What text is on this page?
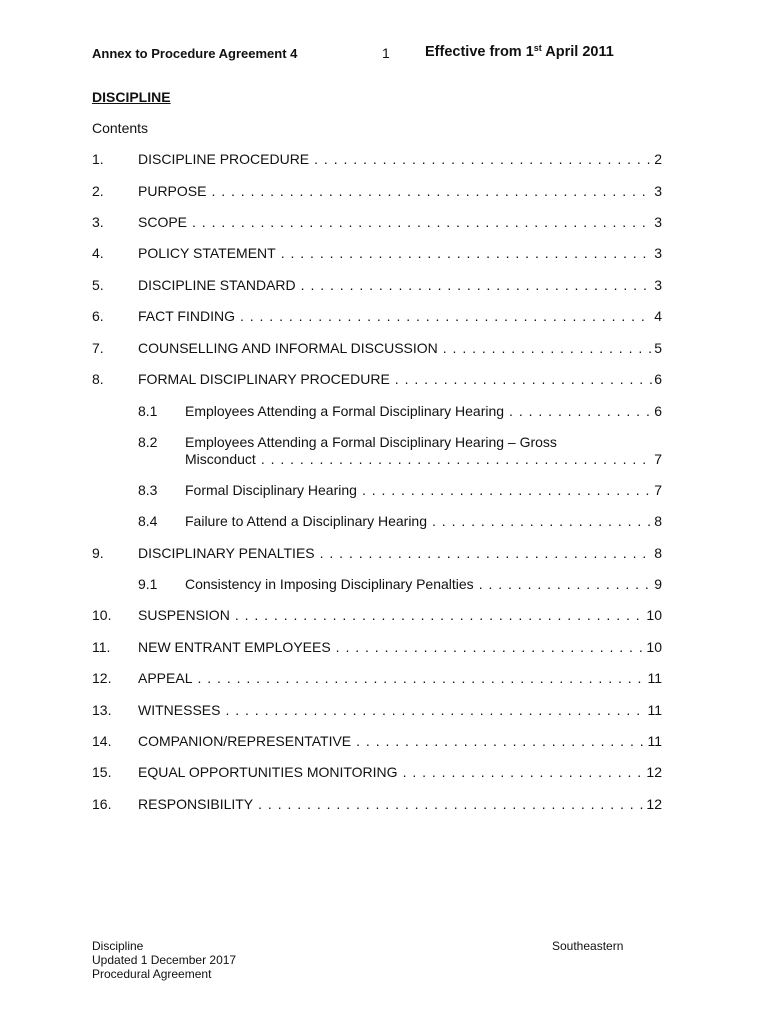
Annex to Procedure Agreement 4	1 Effective from 1st April 2011
DISCIPLINE
Contents
1. DISCIPLINE PROCEDURE . . .	2
2. PURPOSE . . .	3
3. SCOPE . . .	3
4. POLICY STATEMENT . . .	3
5. DISCIPLINE STANDARD . . .	3
6. FACT FINDING . . .	4
7. COUNSELLING AND INFORMAL DISCUSSION . . .	5
8. FORMAL DISCIPLINARY PROCEDURE . . .	6
8.1 Employees Attending a Formal Disciplinary Hearing . . .	6
8.2 Employees Attending a Formal Disciplinary Hearing – Gross
Misconduct . . .	7
8.3 Formal Disciplinary Hearing . . .	7
8.4 Failure to Attend a Disciplinary Hearing . . .	8
9. DISCIPLINARY PENALTIES . . .	8
9.1 Consistency in Imposing Disciplinary Penalties . . .	9
10. SUSPENSION . . .	10
11. NEW ENTRANT EMPLOYEES . . .	10
12. APPEAL . . .	11
13. WITNESSES . . .	11
14. COMPANION/REPRESENTATIVE . . .	11
15. EQUAL OPPORTUNITIES MONITORING . . .	12
16. RESPONSIBILITY . . .	12
Discipline
Updated 1 December 2017
Procedural Agreement
Southeastern
